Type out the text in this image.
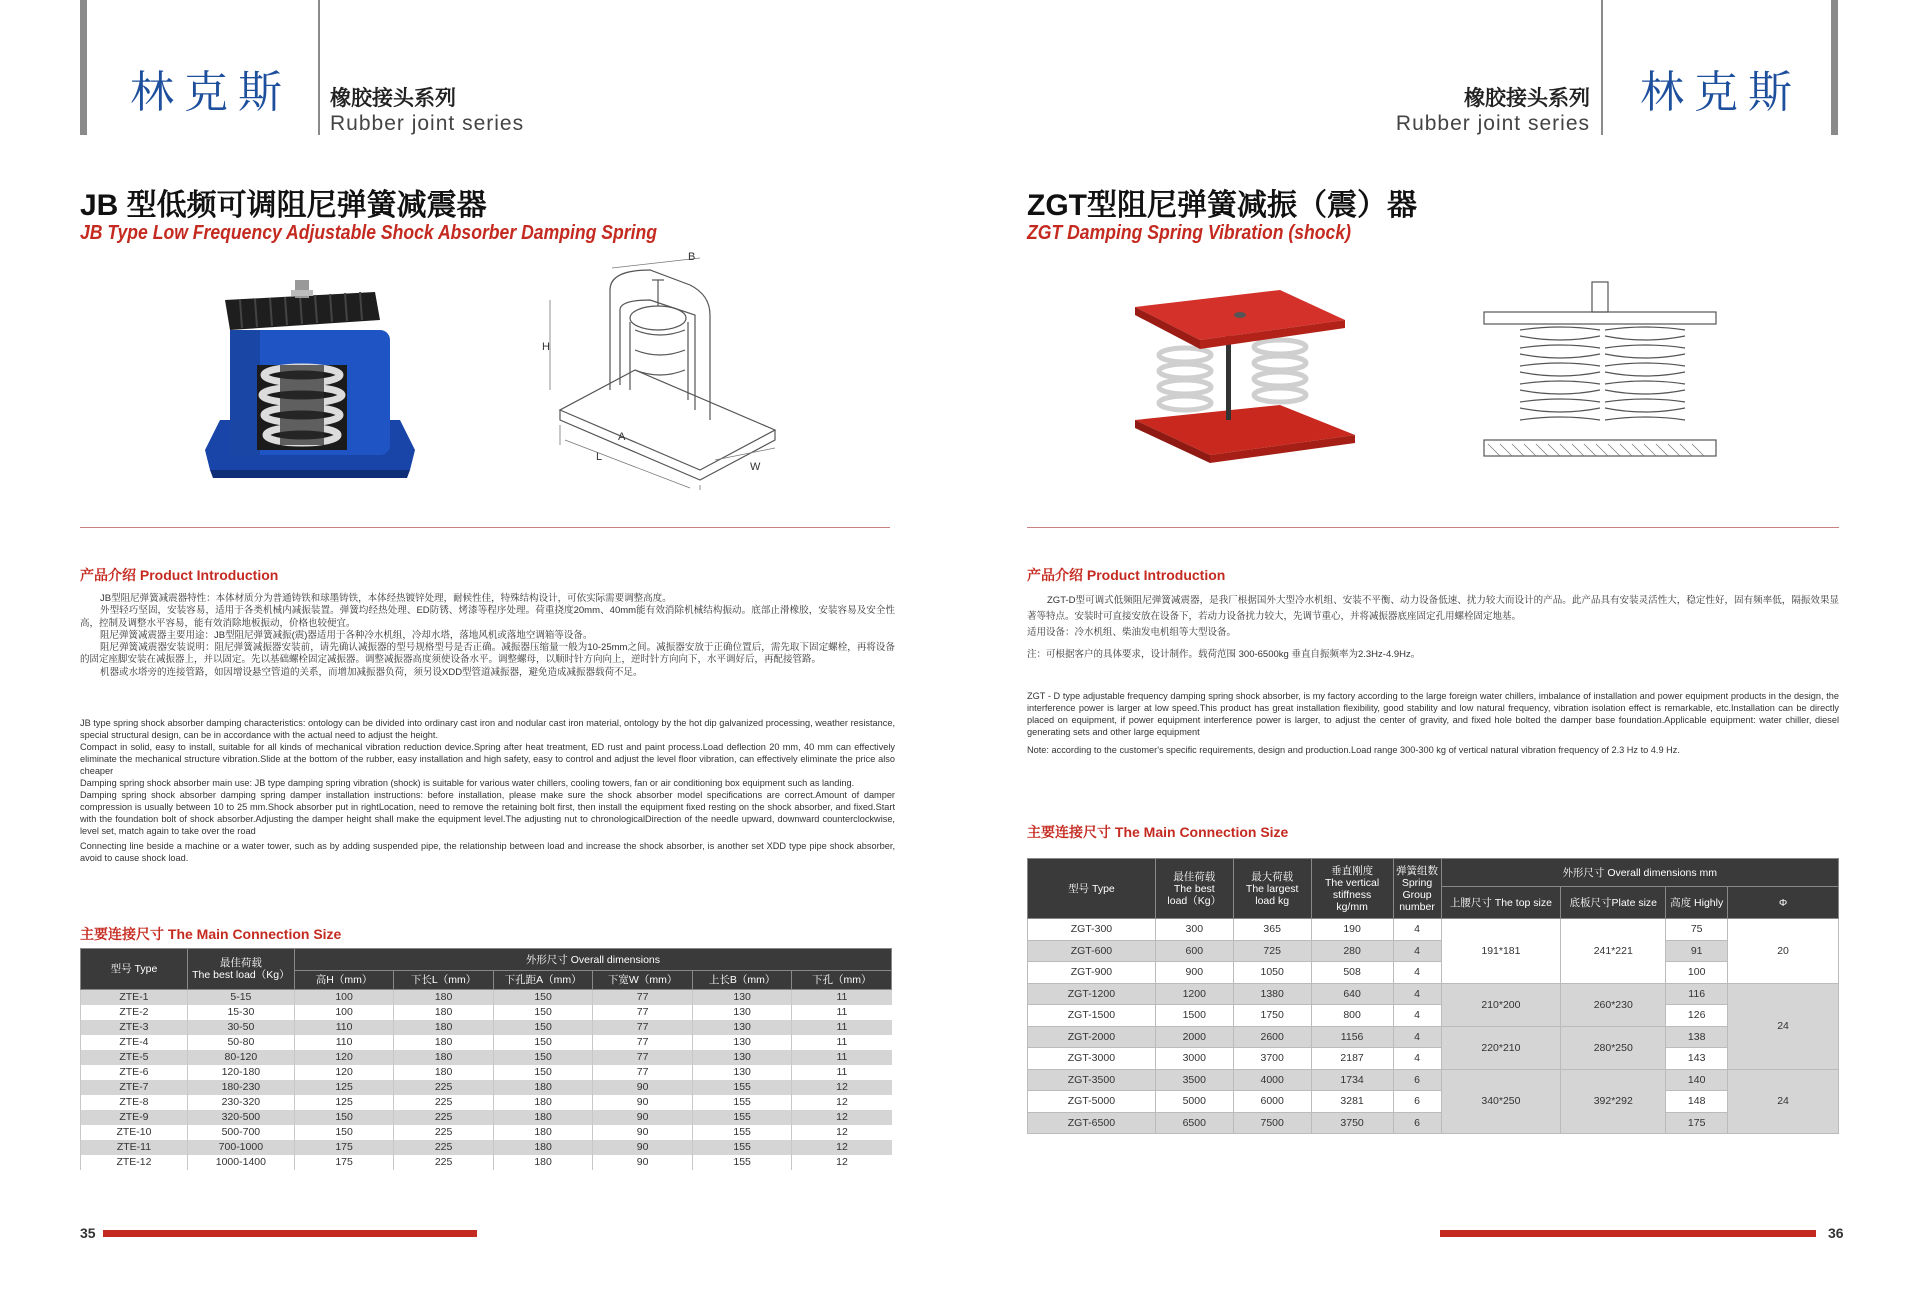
林克斯 橡胶接头系列
Rubber joint series
JB 型低频可调阻尼弹簧减震器
JB Type Low Frequency Adjustable Shock Absorber Damping Spring
B
H
A
L
W
产品介绍 Product Introduction

JB型阻尼弹簧减震器特性：本体材质分为普通铸铁和球墨铸铁，本体经热镀锌处理，耐候性佳，特殊结构设计，可依实际需要调整高度。

外型轻巧坚固，安装容易，适用于各类机械内减振装置。弹簧均经热处理、ED防锈、烤漆等程序处理。荷重挠度20mm、40mm能有效消除机械结构振动。底部止滑橡胶，安装容易及安全性高，控制及调整水平容易，能有效消除地板振动，价格也较便宜。

阻尼弹簧减震器主要用途：JB型阻尼弹簧减振(震)器适用于各种冷水机组，冷却水塔，落地风机或落地空调箱等设备。

阻尼弹簧减震器安装说明：阻尼弹簧减振器安装前，请先确认减振器的型号规格型号是否正确。减振器压缩量一般为10-25mm之间。减振器安放于正确位置后，需先取下固定螺栓，再将设备的固定座脚安装在减振器上，并以固定。先以基础螺栓固定减振器。调整减振器高度须使设备水平。调整螺母，以顺时针方向向上，逆时针方向向下，水平调好后，再配接管路。

机器或水塔旁的连接管路，如因增设悬空管道的关系，而增加减振器负荷，须另设XDD型管道减振器，避免造成减振器载荷不足。

JB type spring shock absorber damping characteristics: ontology can be divided into ordinary cast iron and nodular cast iron material, ontology by the hot dip galvanized processing, weather resistance, special structural design, can be in accordance with the actual need to adjust the height.

Compact in solid, easy to install, suitable for all kinds of mechanical vibration reduction device.Spring after heat treatment, ED rust and paint process.Load deflection 20 mm, 40 mm can effectively eliminate the mechanical structure vibration.Slide at the bottom of the rubber, easy installation and high safety, easy to control and adjust the level floor vibration, can effectively eliminate the price also cheaper

Damping spring shock absorber main use: JB type damping spring vibration (shock) is suitable for various water chillers, cooling towers, fan or air conditioning box equipment such as landing.

Damping spring shock absorber damping spring damper installation instructions: before installation, please make sure the shock absorber model specifications are correct.Amount of damper compression is usually between 10 to 25 mm.Shock absorber put in rightLocation, need to remove the retaining bolt first, then install the equipment fixed resting on the shock absorber, and fixed.Start with the foundation bolt of shock absorber.Adjusting the damper height shall make the equipment level.The adjusting nut to chronologicalDirection of the needle upward, downward counterclockwise, level set, match again to take over the road

Connecting line beside a machine or a water tower, such as by adding suspended pipe, the relationship between load and increase the shock absorber, is another set XDD type pipe shock absorber, avoid to cause shock load.

主要连接尺寸 The Main Connection Size
型号 Type	最佳荷载
The best load（Kg）	外形尺寸 Overall dimensions					
		高H（mm）	下长L（mm）	下孔距A（mm）	下宽W（mm）	上长B（mm）	下孔（mm）
ZTE-1	5-15	100	180	150	77	130	11
ZTE-2	15-30	100	180	150	77	130	11
ZTE-3	30-50	110	180	150	77	130	11
ZTE-4	50-80	110	180	150	77	130	11
ZTE-5	80-120	120	180	150	77	130	11
ZTE-6	120-180	120	180	150	77	130	11
ZTE-7	180-230	125	225	180	90	155	12
ZTE-8	230-320	125	225	180	90	155	12
ZTE-9	320-500	150	225	180	90	155	12
ZTE-10	500-700	150	225	180	90	155	12
ZTE-11	700-1000	175	225	180	90	155	12
ZTE-12	1000-1400	175	225	180	90	155	12
35
林克斯
橡胶接头系列
Rubber joint series
ZGT型阻尼弹簧减振（震）器
ZGT Damping Spring Vibration (shock)
产品介绍 Product Introduction

ZGT-D型可调式低频阻尼弹簧减震器，是我厂根据国外大型冷水机组、安装不平衡、动力设备低速、扰力较大而设计的产品。此产品具有安装灵活性大，稳定性好，固有频率低，隔振效果显著等特点。安装时可直接安放在设备下，若动力设备扰力较大，先调节重心，并将减振器底座固定孔用螺栓固定地基。

适用设备：冷水机组、柴油发电机组等大型设备。

注：可根据客户的具体要求，设计制作。载荷范围 300-6500kg 垂直自振频率为2.3Hz-4.9Hz。

ZGT - D type adjustable frequency damping spring shock absorber, is my factory according to the large foreign water chillers, imbalance of installation and power equipment products in the design, the interference power is larger at low speed.This product has great installation flexibility, good stability and low natural frequency, vibration isolation effect is remarkable, etc.Installation can be directly placed on equipment, if power equipment interference power is larger, to adjust the center of gravity, and fixed hole bolted the damper base foundation.Applicable equipment: water chiller, diesel generating sets and other large equipment

Note: according to the customer's specific requirements, design and production.Load range 300-300 kg of vertical natural vibration frequency of 2.3 Hz to 4.9 Hz.

主要连接尺寸 The Main Connection Size
型号 Type	最佳荷载
The best
load（Kg）	最大荷载
The largest
load kg	垂直刚度
The vertical
stiffness
kg/mm	弹簧组数
Spring
Group
number	外形尺寸 Overall dimensions mm			
					上腰尺寸 The top size	底板尺寸Plate size	高度 Highly	Φ
ZGT-300	300	365	190	4	191*181	241*221	75	20
ZGT-600	600	725	280	4			91	
ZGT-900	900	1050	508	4			100	
ZGT-1200	1200	1380	640	4	210*200	260*230	116	24
ZGT-1500	1500	1750	800	4			126	
ZGT-2000	2000	2600	1156	4	220*210	280*250	138	
ZGT-3000	3000	3700	2187	4			143	
ZGT-3500	3500	4000	1734	6	340*250	392*292	140	24
ZGT-5000	5000	6000	3281	6			148	
ZGT-6500	6500	7500	3750	6			175	
36
